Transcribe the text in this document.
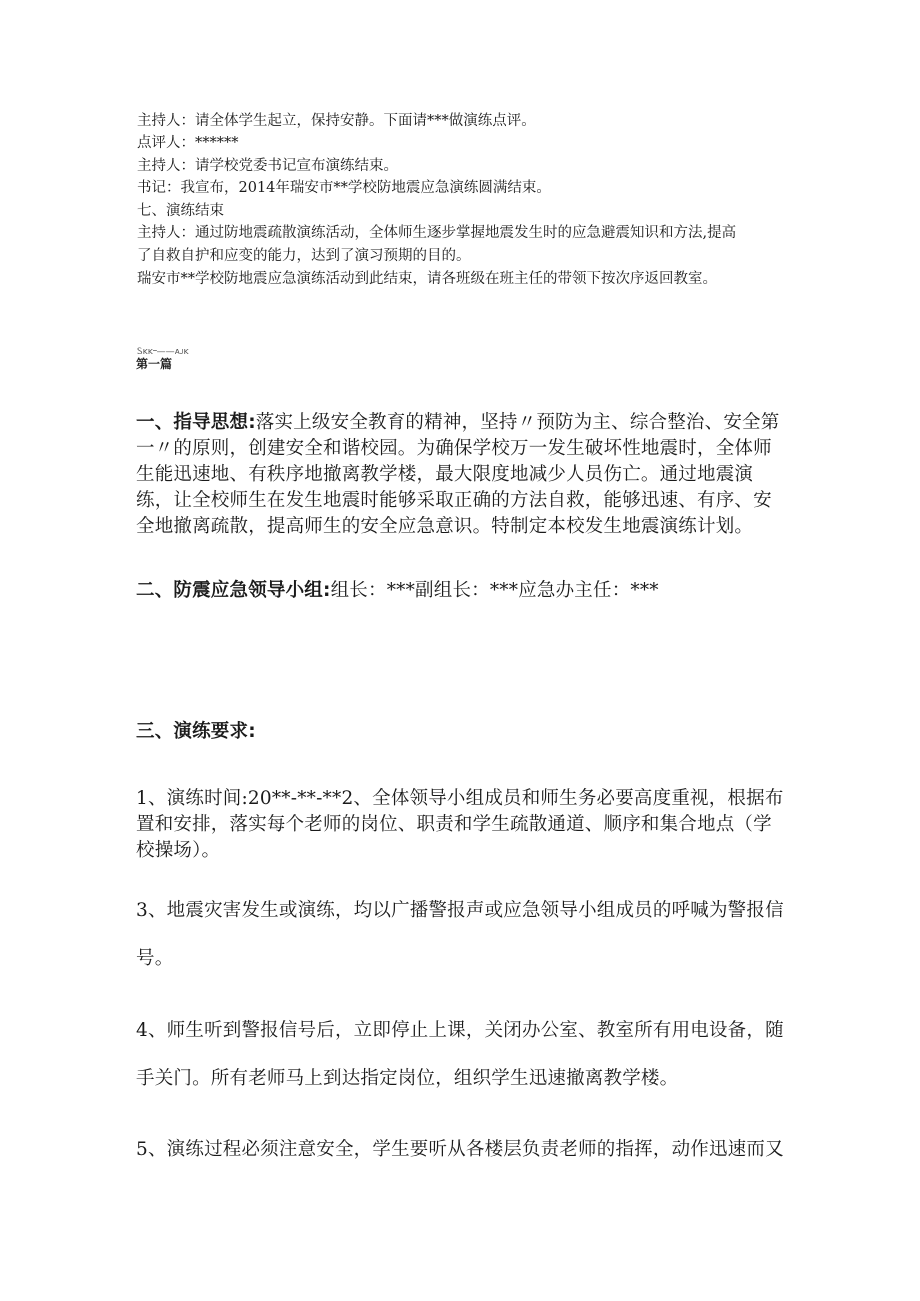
主持人：请全体学生起立，保持安静。下面请***做演练点评。
点评人：******
主持人：请学校党委书记宣布演练结束。
书记：我宣布，2014年瑞安市**学校防地震应急演练圆满结束。
七、演练结束
主持人：通过防地震疏散演练活动，全体师生逐步掌握地震发生时的应急避震知识和方法,提高
了自救自护和应变的能力，达到了演习预期的目的。
瑞安市**学校防地震应急演练活动到此结束，请各班级在班主任的带领下按次序返回教室。
Ꮪᴋᴋ᠆——ᴀᴊᴋ
第一篇
一、指导思想:落实上级安全教育的精神，坚持〃预防为主、综合整治、安全第
一〃的原则，创建安全和谐校园。为确保学校万一发生破坏性地震时，全体师
生能迅速地、有秩序地撤离教学楼，最大限度地减少人员伤亡。通过地震演
练，让全校师生在发生地震时能够采取正确的方法自救，能够迅速、有序、安
全地撤离疏散，提高师生的安全应急意识。特制定本校发生地震演练计划。
二、防震应急领导小组:组长：***副组长：***应急办主任：***
三、演练要求:
1、演练时间:20**-**-**2、全体领导小组成员和师生务必要高度重视，根据布
置和安排，落实每个老师的岗位、职责和学生疏散通道、顺序和集合地点（学
校操场）。
3、地震灾害发生或演练，均以广播警报声或应急领导小组成员的呼喊为警报信
号。
4、师生听到警报信号后，立即停止上课，关闭办公室、教室所有用电设备，随
手关门。所有老师马上到达指定岗位，组织学生迅速撤离教学楼。
5、演练过程必须注意安全，学生要听从各楼层负责老师的指挥，动作迅速而又
